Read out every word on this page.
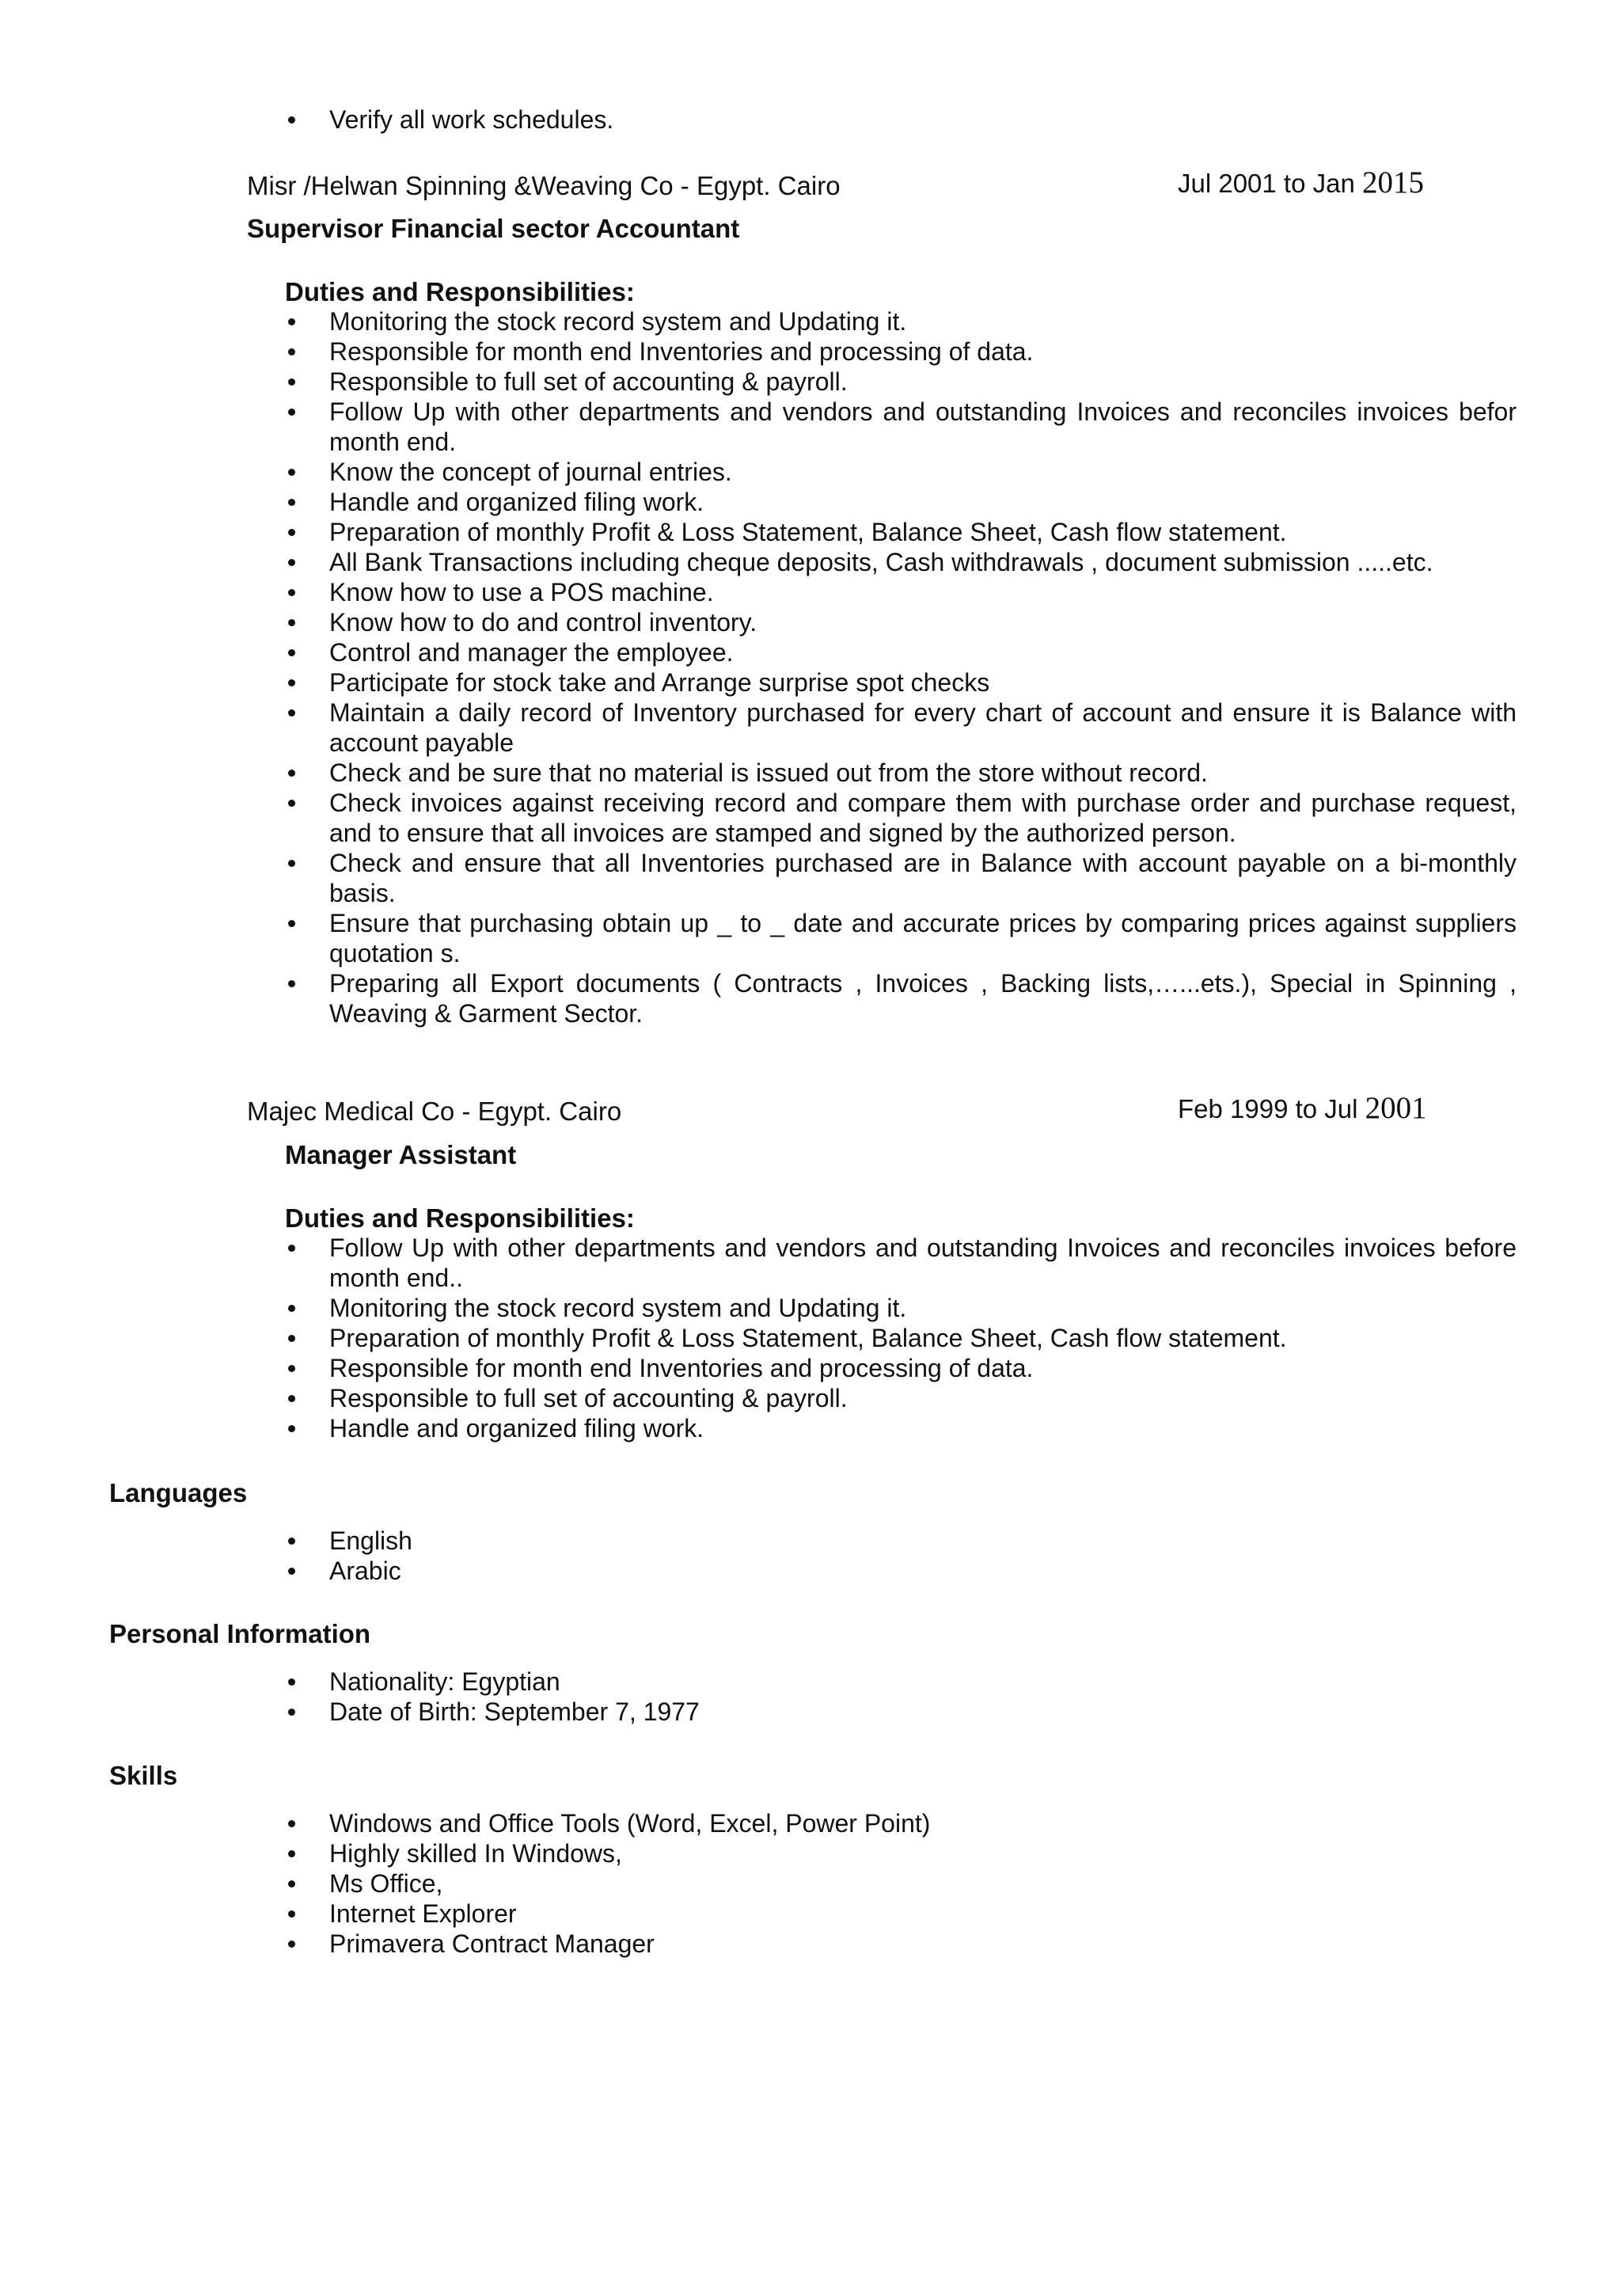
Verify all work schedules.
Misr /Helwan Spinning &Weaving Co - Egypt. Cairo	Jul 2001 to Jan 2015
Supervisor Financial sector Accountant
Duties and Responsibilities:
Monitoring the stock record system and Updating it.
Responsible for month end Inventories and processing of data.
Responsible to full set of accounting & payroll.
Follow Up with other departments and vendors and outstanding Invoices and reconciles invoices befor month end.
Know the concept of journal entries.
Handle and organized filing work.
Preparation of monthly Profit & Loss Statement, Balance Sheet, Cash flow statement.
All Bank Transactions including cheque deposits, Cash withdrawals , document submission .....etc.
Know how to use a POS machine.
Know how to do and control inventory.
Control and manager the employee.
Participate for stock take and Arrange surprise spot checks
Maintain a daily record of Inventory purchased for every chart of account and ensure it is Balance with account payable
Check and be sure that no material is issued out from the store without record.
Check invoices against receiving record and compare them with purchase order and purchase request, and to ensure that all invoices are stamped and signed by the authorized person.
Check and ensure that all Inventories purchased are in Balance with account payable on a bi-monthly basis.
Ensure that purchasing obtain up _ to _ date and accurate prices by comparing prices against suppliers quotation s.
Preparing all Export documents ( Contracts , Invoices , Backing lists,…...ets.), Special in Spinning , Weaving & Garment Sector.
Majec Medical Co - Egypt. Cairo	Feb 1999 to Jul 2001
Manager Assistant
Duties and Responsibilities:
Follow Up with other departments and vendors and outstanding Invoices and reconciles invoices before month end..
Monitoring the stock record system and Updating it.
Preparation of monthly Profit & Loss Statement, Balance Sheet, Cash flow statement.
Responsible for month end Inventories and processing of data.
Responsible to full set of accounting & payroll.
Handle and organized filing work.
Languages
English
Arabic
Personal Information
Nationality: Egyptian
Date of Birth: September 7, 1977
Skills
Windows and Office Tools (Word, Excel, Power Point)
Highly skilled In Windows,
Ms Office,
Internet Explorer
Primavera Contract Manager
